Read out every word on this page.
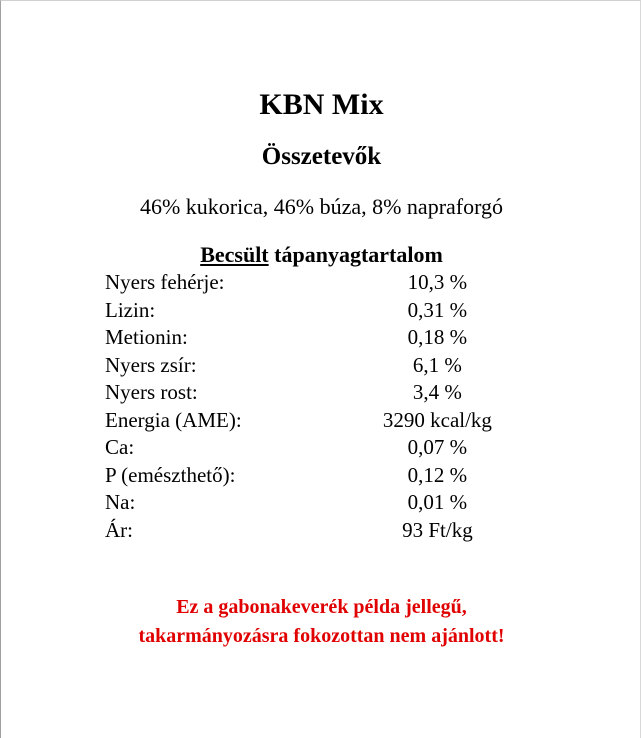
KBN Mix
Összetevők
46% kukorica, 46% búza, 8% napraforgó
Becsült tápanyagtartalom
Nyers fehérje:	10,3 %
Lizin:	0,31 %
Metionin:	0,18 %
Nyers zsír:	6,1 %
Nyers rost:	3,4 %
Energia (AME):	3290 kcal/kg
Ca:	0,07 %
P (emészthető):	0,12 %
Na:	0,01 %
Ár:	93 Ft/kg
Ez a gabonakeverék példa jellegű,
takarmányozásra fokozottan nem ajánlott!
